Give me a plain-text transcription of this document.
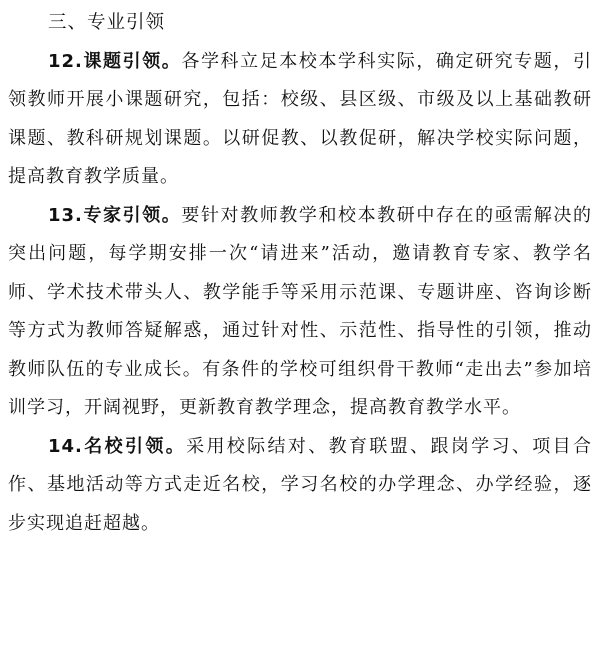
三、专业引领

12.课题引领。各学科立足本校本学科实际，确定研究专题，引领教师开展小课题研究，包括：校级、县区级、市级及以上基础教研课题、教科研规划课题。以研促教、以教促研，解决学校实际问题，提高教育教学质量。

13.专家引领。要针对教师教学和校本教研中存在的亟需解决的突出问题，每学期安排一次“请进来”活动，邀请教育专家、教学名师、学术技术带头人、教学能手等采用示范课、专题讲座、咨询诊断等方式为教师答疑解惑，通过针对性、示范性、指导性的引领，推动教师队伍的专业成长。有条件的学校可组织骨干教师“走出去”参加培训学习，开阔视野，更新教育教学理念，提高教育教学水平。

14.名校引领。采用校际结对、教育联盟、跟岗学习、项目合作、基地活动等方式走近名校，学习名校的办学理念、办学经验，逐步实现追赶超越。
